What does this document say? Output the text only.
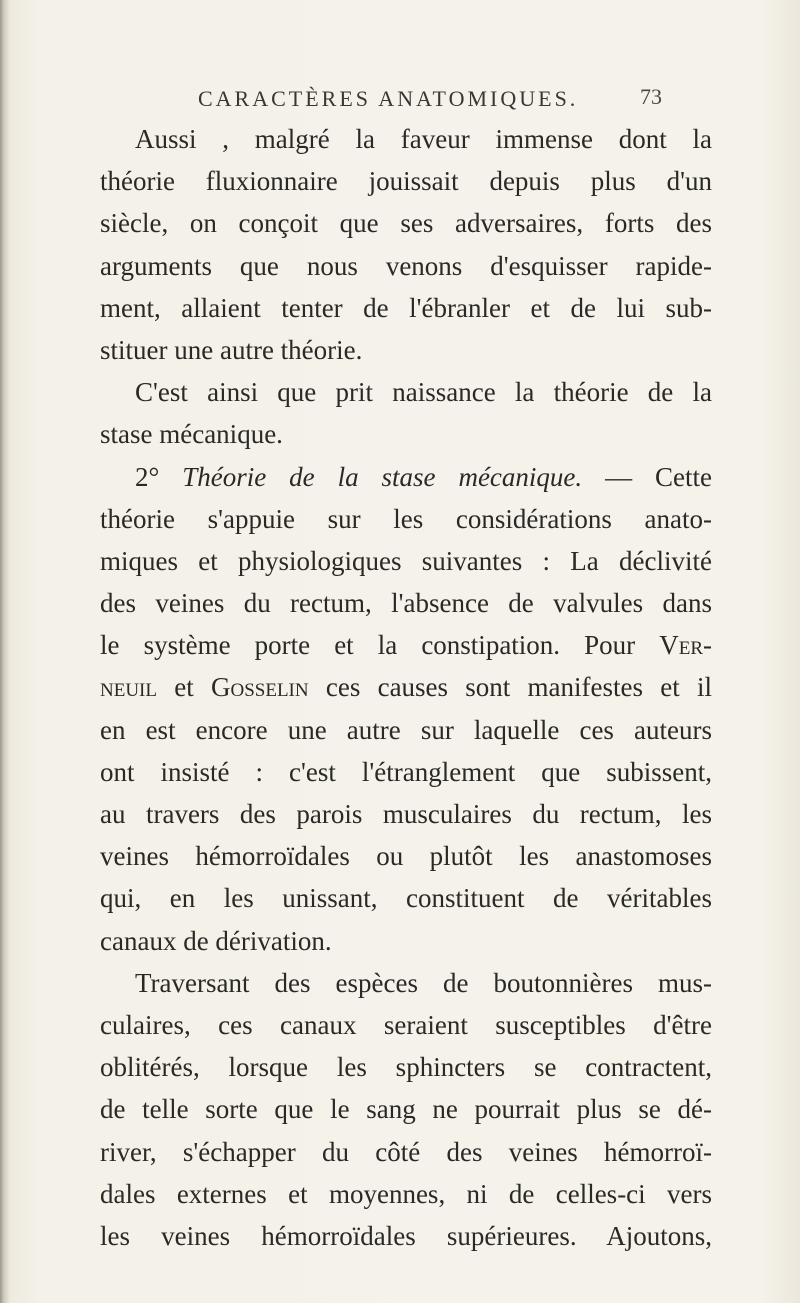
CARACTÈRES ANATOMIQUES.	73
Aussi , malgré la faveur immense dont la
théorie fluxionnaire jouissait depuis plus d'un
siècle, on conçoit que ses adversaires, forts des
arguments que nous venons d'esquisser rapide-
ment, allaient tenter de l'ébranler et de lui sub-
stituer une autre théorie.
C'est ainsi que prit naissance la théorie de la
stase mécanique.
2° Théorie de la stase mécanique. — Cette
théorie s'appuie sur les considérations anato-
miques et physiologiques suivantes : La déclivité
des veines du rectum, l'absence de valvules dans
le système porte et la constipation. Pour Ver-
neuil et Gosselin ces causes sont manifestes et il
en est encore une autre sur laquelle ces auteurs
ont insisté : c'est l'étranglement que subissent,
au travers des parois musculaires du rectum, les
veines hémorroïdales ou plutôt les anastomoses
qui, en les unissant, constituent de véritables
canaux de dérivation.
Traversant des espèces de boutonnières mus-
culaires, ces canaux seraient susceptibles d'être
oblitérés, lorsque les sphincters se contractent,
de telle sorte que le sang ne pourrait plus se dé-
river, s'échapper du côté des veines hémorroï-
dales externes et moyennes, ni de celles-ci vers
les veines hémorroïdales supérieures. Ajoutons,
